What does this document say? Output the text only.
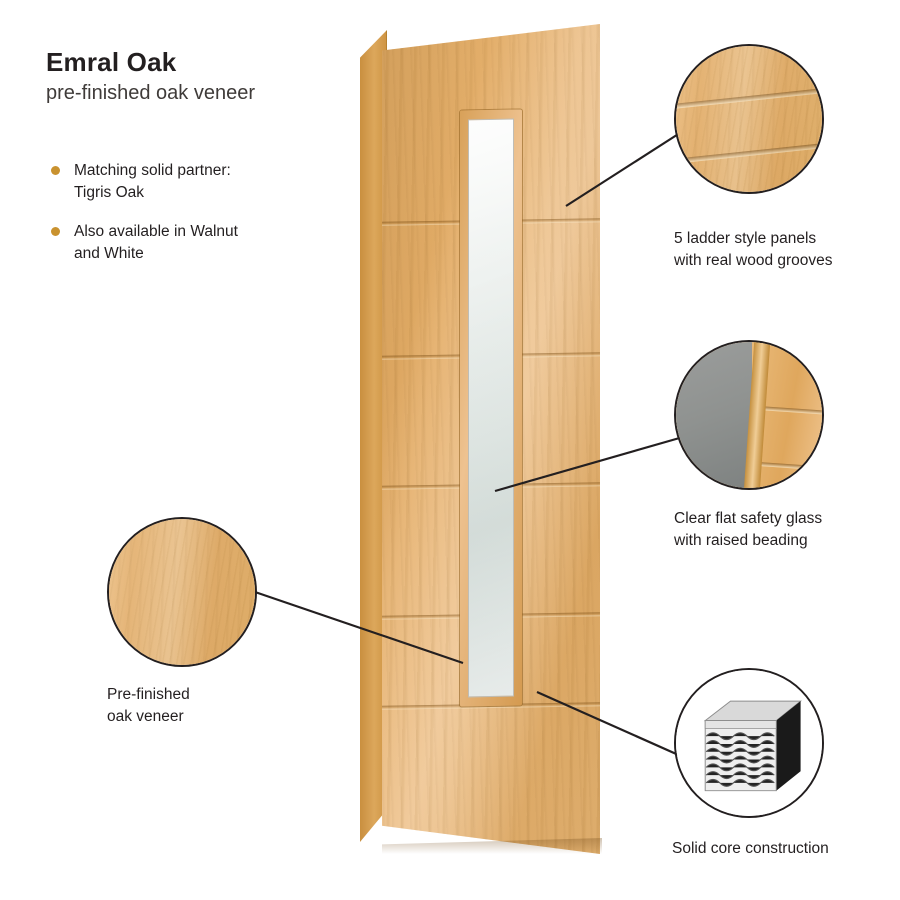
Emral Oak
pre-finished oak veneer
Matching solid partner:
Tigris Oak
Also available in Walnut
and White
5 ladder style panels
with real wood grooves
Clear flat safety glass
with raised beading
Solid core construction
Pre-finished
oak veneer
